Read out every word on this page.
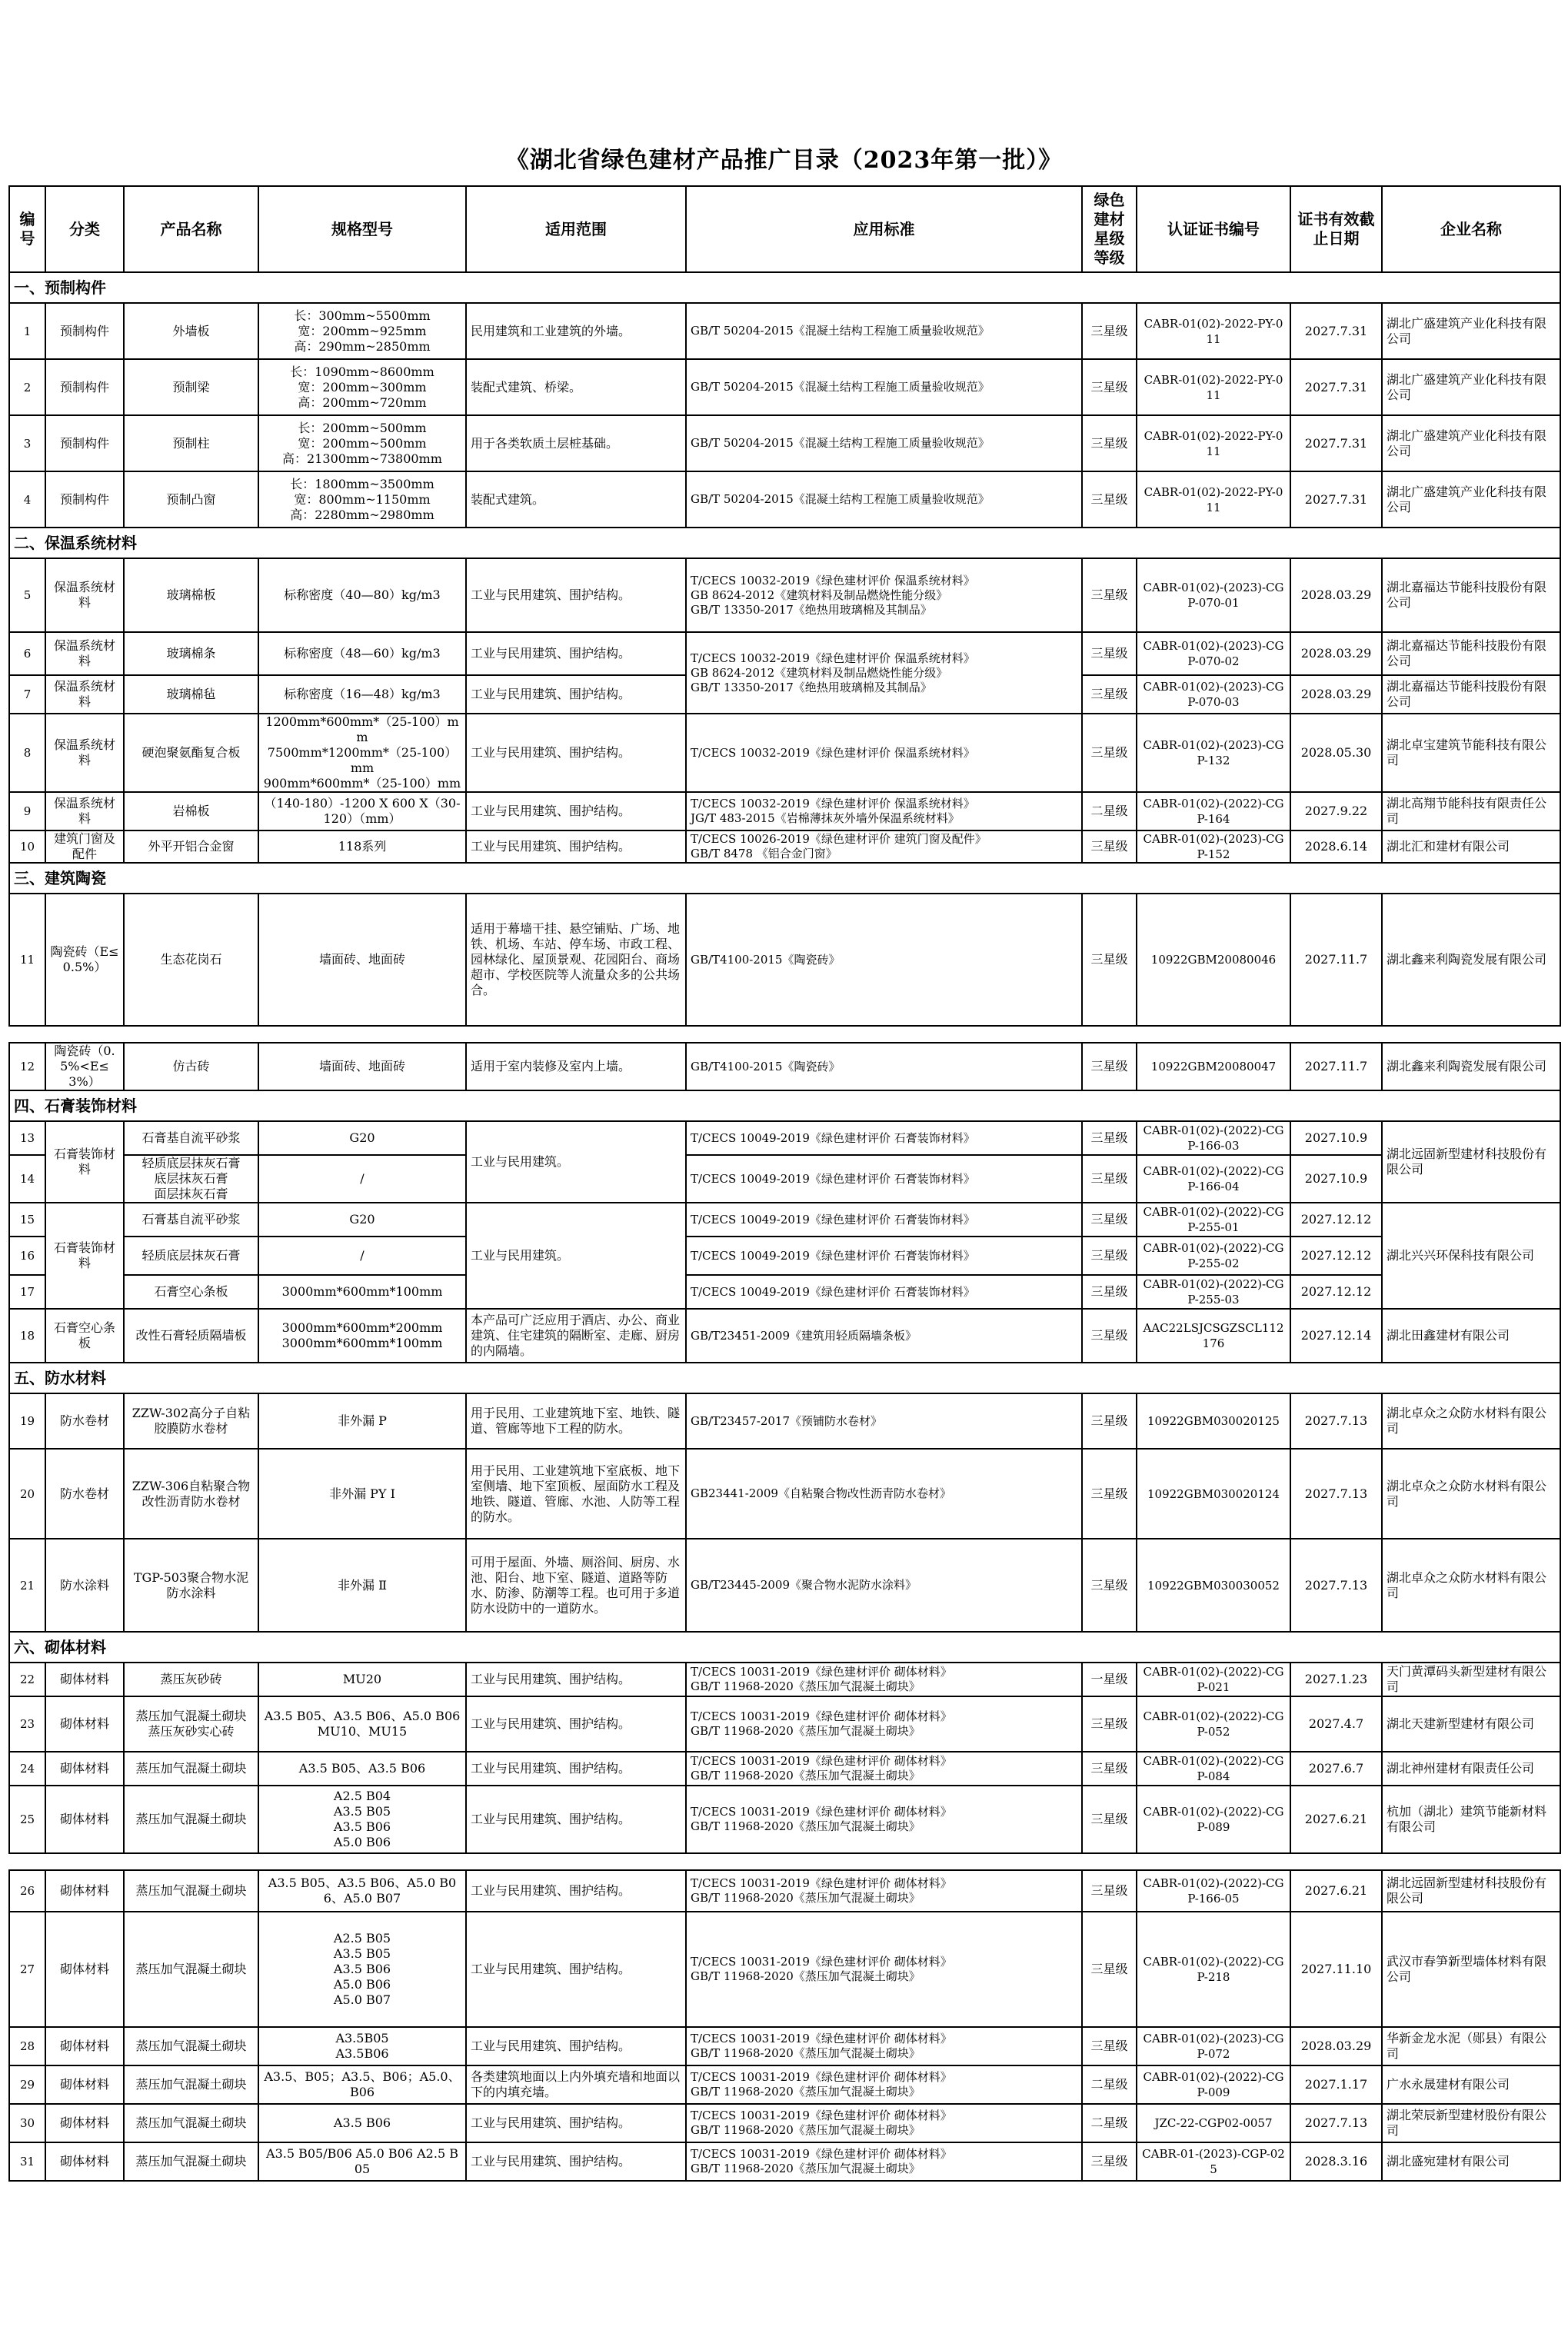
《湖北省绿色建材产品推广目录（2023年第一批）》
编号	分类	产品名称	规格型号	适用范围	应用标准	绿色建材星级等级	认证证书编号	证书有效截止日期	企业名称
一、预制构件									
1	预制构件	外墙板	长：300mm~5500mm
宽：200mm~925mm
高：290mm~2850mm	民用建筑和工业建筑的外墙。	GB/T 50204-2015《混凝土结构工程施工质量验收规范》	三星级	CABR-01(02)-2022-PY-011	2027.7.31	湖北广盛建筑产业化科技有限公司
2	预制构件	预制梁	长：1090mm~8600mm
宽：200mm~300mm
高：200mm~720mm	装配式建筑、桥梁。	GB/T 50204-2015《混凝土结构工程施工质量验收规范》	三星级	CABR-01(02)-2022-PY-011	2027.7.31	湖北广盛建筑产业化科技有限公司
3	预制构件	预制柱	长：200mm~500mm
宽：200mm~500mm
高：21300mm~73800mm	用于各类软质土层桩基础。	GB/T 50204-2015《混凝土结构工程施工质量验收规范》	三星级	CABR-01(02)-2022-PY-011	2027.7.31	湖北广盛建筑产业化科技有限公司
4	预制构件	预制凸窗	长：1800mm~3500mm
宽：800mm~1150mm
高：2280mm~2980mm	装配式建筑。	GB/T 50204-2015《混凝土结构工程施工质量验收规范》	三星级	CABR-01(02)-2022-PY-011	2027.7.31	湖北广盛建筑产业化科技有限公司
二、保温系统材料									
5	保温系统材料	玻璃棉板	标称密度（40—80）kg/m3	工业与民用建筑、围护结构。	T/CECS 10032-2019《绿色建材评价 保温系统材料》
GB 8624-2012《建筑材料及制品燃烧性能分级》
GB/T 13350-2017《绝热用玻璃棉及其制品》	三星级	CABR-01(02)-(2023)-CGP-070-01	2028.03.29	湖北嘉福达节能科技股份有限公司
6	保温系统材料	玻璃棉条	标称密度（48—60）kg/m3	工业与民用建筑、围护结构。	T/CECS 10032-2019《绿色建材评价 保温系统材料》
GB 8624-2012《建筑材料及制品燃烧性能分级》
GB/T 13350-2017《绝热用玻璃棉及其制品》	三星级	CABR-01(02)-(2023)-CGP-070-02	2028.03.29	湖北嘉福达节能科技股份有限公司
7	保温系统材料	玻璃棉毡	标称密度（16—48）kg/m3	工业与民用建筑、围护结构。		三星级	CABR-01(02)-(2023)-CGP-070-03	2028.03.29	湖北嘉福达节能科技股份有限公司
8	保温系统材料	硬泡聚氨酯复合板	1200mm*600mm*（25-100）mm
7500mm*1200mm*（25-100）mm
900mm*600mm*（25-100）mm	工业与民用建筑、围护结构。	T/CECS 10032-2019《绿色建材评价 保温系统材料》	三星级	CABR-01(02)-(2023)-CGP-132	2028.05.30	湖北卓宝建筑节能科技有限公司
9	保温系统材料	岩棉板	（140-180）-1200 X 600 X（30-120）（mm）	工业与民用建筑、围护结构。	T/CECS 10032-2019《绿色建材评价 保温系统材料》
JG/T 483-2015《岩棉薄抹灰外墙外保温系统材料》	二星级	CABR-01(02)-(2022)-CGP-164	2027.9.22	湖北高翔节能科技有限责任公司
10	建筑门窗及配件	外平开铝合金窗	118系列	工业与民用建筑、围护结构。	T/CECS 10026-2019《绿色建材评价 建筑门窗及配件》
GB/T 8478 《铝合金门窗》	三星级	CABR-01(02)-(2023)-CGP-152	2028.6.14	湖北汇和建材有限公司
三、建筑陶瓷									
11	陶瓷砖（E≤0.5%）	生态花岗石	墙面砖、地面砖	适用于幕墙干挂、悬空铺贴、广场、地铁、机场、车站、停车场、市政工程、园林绿化、屋顶景观、花园阳台、商场超市、学校医院等人流量众多的公共场合。	GB/T4100-2015《陶瓷砖》	三星级	10922GBM20080046	2027.11.7	湖北鑫来利陶瓷发展有限公司

12	陶瓷砖（0.5%<E≤3%）	仿古砖	墙面砖、地面砖	适用于室内装修及室内上墙。	GB/T4100-2015《陶瓷砖》	三星级	10922GBM20080047	2027.11.7	湖北鑫来利陶瓷发展有限公司
四、石膏装饰材料									
13	石膏装饰材料	石膏基自流平砂浆	G20	工业与民用建筑。	T/CECS 10049-2019《绿色建材评价 石膏装饰材料》	三星级	CABR-01(02)-(2022)-CGP-166-03	2027.10.9	湖北远固新型建材科技股份有限公司
14		轻质底层抹灰石膏
底层抹灰石膏
面层抹灰石膏	/		T/CECS 10049-2019《绿色建材评价 石膏装饰材料》	三星级	CABR-01(02)-(2022)-CGP-166-04	2027.10.9	
15	石膏装饰材料	石膏基自流平砂浆	G20	工业与民用建筑。	T/CECS 10049-2019《绿色建材评价 石膏装饰材料》	三星级	CABR-01(02)-(2022)-CGP-255-01	2027.12.12	湖北兴兴环保科技有限公司
16		轻质底层抹灰石膏	/		T/CECS 10049-2019《绿色建材评价 石膏装饰材料》	三星级	CABR-01(02)-(2022)-CGP-255-02	2027.12.12	
17		石膏空心条板	3000mm*600mm*100mm		T/CECS 10049-2019《绿色建材评价 石膏装饰材料》	三星级	CABR-01(02)-(2022)-CGP-255-03	2027.12.12	
18	石膏空心条板	改性石膏轻质隔墙板	3000mm*600mm*200mm
3000mm*600mm*100mm	本产品可广泛应用于酒店、办公、商业建筑、住宅建筑的隔断室、走廊、厨房的内隔墙。	GB/T23451-2009《建筑用轻质隔墙条板》	三星级	AAC22LSJCSGZSCL112176	2027.12.14	湖北田鑫建材有限公司
五、防水材料									
19	防水卷材	ZZW-302高分子自粘胶膜防水卷材	非外漏 P	用于民用、工业建筑地下室、地铁、隧道、管廊等地下工程的防水。	GB/T23457-2017《预铺防水卷材》	三星级	10922GBM030020125	2027.7.13	湖北卓众之众防水材料有限公司
20	防水卷材	ZZW-306自粘聚合物改性沥青防水卷材	非外漏 PY Ⅰ	用于民用、工业建筑地下室底板、地下室侧墙、地下室顶板、屋面防水工程及地铁、隧道、管廊、水池、人防等工程的防水。	GB23441-2009《自粘聚合物改性沥青防水卷材》	三星级	10922GBM030020124	2027.7.13	湖北卓众之众防水材料有限公司
21	防水涂料	TGP-503聚合物水泥防水涂料	非外漏 Ⅱ	可用于屋面、外墙、厕浴间、厨房、水池、阳台、地下室、隧道、道路等防水、防渗、防潮等工程。也可用于多道防水设防中的一道防水。	GB/T23445-2009《聚合物水泥防水涂料》	三星级	10922GBM030030052	2027.7.13	湖北卓众之众防水材料有限公司
六、砌体材料									
22	砌体材料	蒸压灰砂砖	MU20	工业与民用建筑、围护结构。	T/CECS 10031-2019《绿色建材评价 砌体材料》
GB/T 11968-2020《蒸压加气混凝土砌块》	一星级	CABR-01(02)-(2022)-CGP-021	2027.1.23	天门黄潭码头新型建材有限公司
23	砌体材料	蒸压加气混凝土砌块
蒸压灰砂实心砖	A3.5 B05、A3.5 B06、A5.0 B06
MU10、MU15	工业与民用建筑、围护结构。	T/CECS 10031-2019《绿色建材评价 砌体材料》
GB/T 11968-2020《蒸压加气混凝土砌块》	三星级	CABR-01(02)-(2022)-CGP-052	2027.4.7	湖北天建新型建材有限公司
24	砌体材料	蒸压加气混凝土砌块	A3.5 B05、A3.5 B06	工业与民用建筑、围护结构。	T/CECS 10031-2019《绿色建材评价 砌体材料》
GB/T 11968-2020《蒸压加气混凝土砌块》	三星级	CABR-01(02)-(2022)-CGP-084	2027.6.7	湖北神州建材有限责任公司
25	砌体材料	蒸压加气混凝土砌块	A2.5 B04
A3.5 B05
A3.5 B06
A5.0 B06	工业与民用建筑、围护结构。	T/CECS 10031-2019《绿色建材评价 砌体材料》
GB/T 11968-2020《蒸压加气混凝土砌块》	三星级	CABR-01(02)-(2022)-CGP-089	2027.6.21	杭加（湖北）建筑节能新材料有限公司

26	砌体材料	蒸压加气混凝土砌块	A3.5 B05、A3.5 B06、A5.0 B06、A5.0 B07	工业与民用建筑、围护结构。	T/CECS 10031-2019《绿色建材评价 砌体材料》
GB/T 11968-2020《蒸压加气混凝土砌块》	三星级	CABR-01(02)-(2022)-CGP-166-05	2027.6.21	湖北远固新型建材科技股份有限公司
27	砌体材料	蒸压加气混凝土砌块	A2.5 B05
A3.5 B05
A3.5 B06
A5.0 B06
A5.0 B07	工业与民用建筑、围护结构。	T/CECS 10031-2019《绿色建材评价 砌体材料》
GB/T 11968-2020《蒸压加气混凝土砌块》	三星级	CABR-01(02)-(2022)-CGP-218	2027.11.10	武汉市春笋新型墙体材料有限公司
28	砌体材料	蒸压加气混凝土砌块	A3.5B05
A3.5B06	工业与民用建筑、围护结构。	T/CECS 10031-2019《绿色建材评价 砌体材料》
GB/T 11968-2020《蒸压加气混凝土砌块》	三星级	CABR-01(02)-(2023)-CGP-072	2028.03.29	华新金龙水泥（郧县）有限公司
29	砌体材料	蒸压加气混凝土砌块	A3.5、B05；A3.5、B06；A5.0、B06	各类建筑地面以上内外填充墙和地面以下的内填充墙。	T/CECS 10031-2019《绿色建材评价 砌体材料》
GB/T 11968-2020《蒸压加气混凝土砌块》	二星级	CABR-01(02)-(2022)-CGP-009	2027.1.17	广水永晟建材有限公司
30	砌体材料	蒸压加气混凝土砌块	A3.5 B06	工业与民用建筑、围护结构。	T/CECS 10031-2019《绿色建材评价 砌体材料》
GB/T 11968-2020《蒸压加气混凝土砌块》	二星级	JZC-22-CGP02-0057	2027.7.13	湖北荣辰新型建材股份有限公司
31	砌体材料	蒸压加气混凝土砌块	A3.5 B05/B06 A5.0 B06 A2.5 B05	工业与民用建筑、围护结构。	T/CECS 10031-2019《绿色建材评价 砌体材料》
GB/T 11968-2020《蒸压加气混凝土砌块》	三星级	CABR-01-(2023)-CGP-025	2028.3.16	湖北盛宛建材有限公司
